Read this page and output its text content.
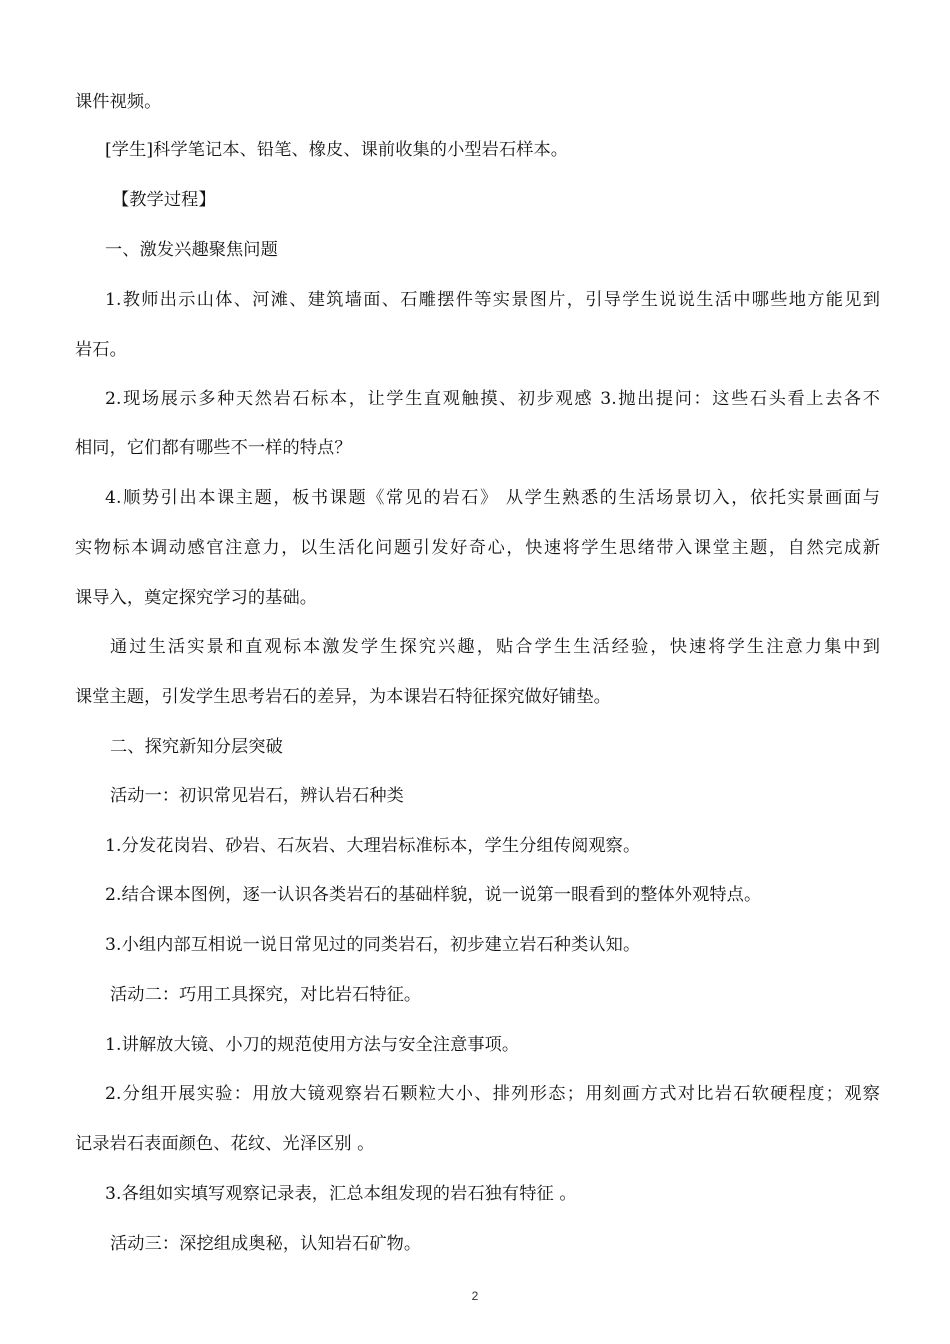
课件视频。
[学生]科学笔记本、铅笔、橡皮、课前收集的小型岩石样本。
【教学过程】
一、激发兴趣聚焦问题
1.教师出示山体、河滩、建筑墙面、石雕摆件等实景图片，引导学生说说生活中哪些地方能见到
岩石。
2.现场展示多种天然岩石标本，让学生直观触摸、初步观感 3.抛出提问：这些石头看上去各不
相同，它们都有哪些不一样的特点？
4.顺势引出本课主题，板书课题《常见的岩石》 从学生熟悉的生活场景切入，依托实景画面与
实物标本调动感官注意力，以生活化问题引发好奇心，快速将学生思绪带入课堂主题，自然完成新
课导入，奠定探究学习的基础。
通过生活实景和直观标本激发学生探究兴趣，贴合学生生活经验，快速将学生注意力集中到
课堂主题，引发学生思考岩石的差异，为本课岩石特征探究做好铺垫。
二、探究新知分层突破
活动一：初识常见岩石，辨认岩石种类
1.分发花岗岩、砂岩、石灰岩、大理岩标准标本，学生分组传阅观察。
2.结合课本图例，逐一认识各类岩石的基础样貌，说一说第一眼看到的整体外观特点。
3.小组内部互相说一说日常见过的同类岩石，初步建立岩石种类认知。
活动二：巧用工具探究，对比岩石特征。
1.讲解放大镜、小刀的规范使用方法与安全注意事项。
2.分组开展实验：用放大镜观察岩石颗粒大小、排列形态；用刻画方式对比岩石软硬程度；观察
记录岩石表面颜色、花纹、光泽区别 。
3.各组如实填写观察记录表，汇总本组发现的岩石独有特征 。
活动三：深挖组成奥秘，认知岩石矿物。
2
